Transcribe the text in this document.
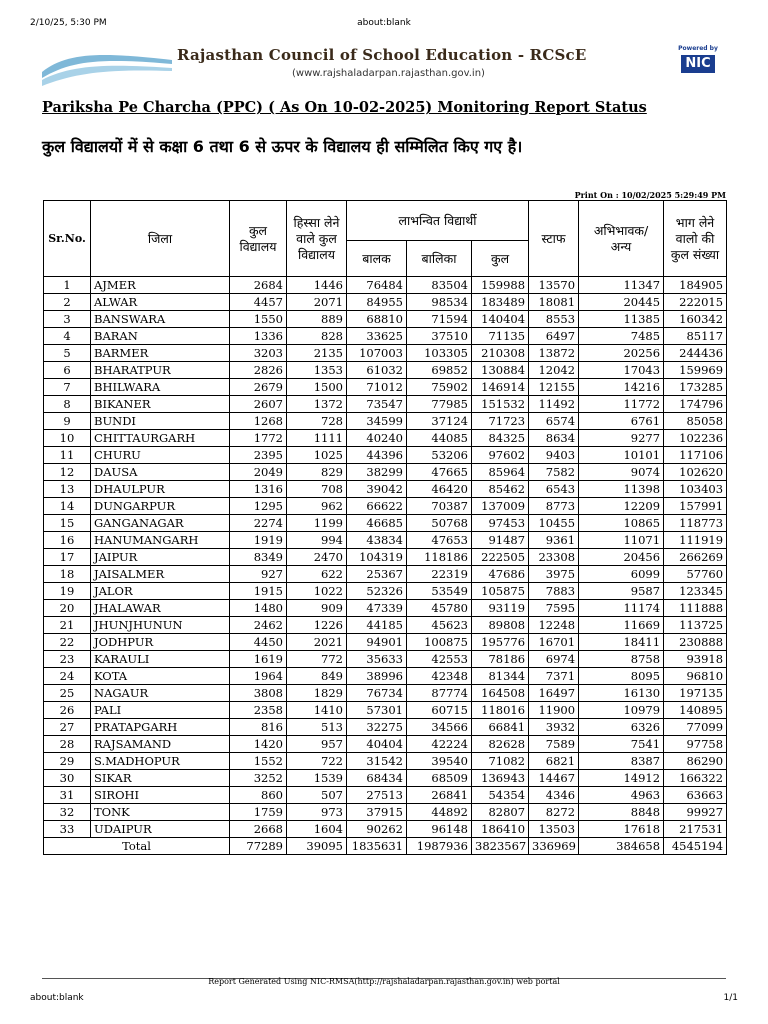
2/10/25, 5:30 PM	about:blank
Rajasthan Council of School Education - RCScE
(www.rajshaladarpan.rajasthan.gov.in)
Powered by
NIC
Pariksha Pe Charcha (PPC) ( As On 10-02-2025) Monitoring Report Status
कुल विद्यालयों में से कक्षा 6 तथा 6 से ऊपर के विद्यालय ही सम्मिलित किए गए है।
Print On : 10/02/2025 5:29:49 PM
Sr.No.	जिला	कुल विद्यालय	हिस्सा लेने वाले कुल विद्यालय	लाभन्वित विद्यार्थी			स्टाफ	अभिभावक/ अन्य	भाग लेने वालो की कुल संख्या
				बालक	बालिका	कुल			
1	AJMER	2684	1446	76484	83504	159988	13570	11347	184905
2	ALWAR	4457	2071	84955	98534	183489	18081	20445	222015
3	BANSWARA	1550	889	68810	71594	140404	8553	11385	160342
4	BARAN	1336	828	33625	37510	71135	6497	7485	85117
5	BARMER	3203	2135	107003	103305	210308	13872	20256	244436
6	BHARATPUR	2826	1353	61032	69852	130884	12042	17043	159969
7	BHILWARA	2679	1500	71012	75902	146914	12155	14216	173285
8	BIKANER	2607	1372	73547	77985	151532	11492	11772	174796
9	BUNDI	1268	728	34599	37124	71723	6574	6761	85058
10	CHITTAURGARH	1772	1111	40240	44085	84325	8634	9277	102236
11	CHURU	2395	1025	44396	53206	97602	9403	10101	117106
12	DAUSA	2049	829	38299	47665	85964	7582	9074	102620
13	DHAULPUR	1316	708	39042	46420	85462	6543	11398	103403
14	DUNGARPUR	1295	962	66622	70387	137009	8773	12209	157991
15	GANGANAGAR	2274	1199	46685	50768	97453	10455	10865	118773
16	HANUMANGARH	1919	994	43834	47653	91487	9361	11071	111919
17	JAIPUR	8349	2470	104319	118186	222505	23308	20456	266269
18	JAISALMER	927	622	25367	22319	47686	3975	6099	57760
19	JALOR	1915	1022	52326	53549	105875	7883	9587	123345
20	JHALAWAR	1480	909	47339	45780	93119	7595	11174	111888
21	JHUNJHUNUN	2462	1226	44185	45623	89808	12248	11669	113725
22	JODHPUR	4450	2021	94901	100875	195776	16701	18411	230888
23	KARAULI	1619	772	35633	42553	78186	6974	8758	93918
24	KOTA	1964	849	38996	42348	81344	7371	8095	96810
25	NAGAUR	3808	1829	76734	87774	164508	16497	16130	197135
26	PALI	2358	1410	57301	60715	118016	11900	10979	140895
27	PRATAPGARH	816	513	32275	34566	66841	3932	6326	77099
28	RAJSAMAND	1420	957	40404	42224	82628	7589	7541	97758
29	S.MADHOPUR	1552	722	31542	39540	71082	6821	8387	86290
30	SIKAR	3252	1539	68434	68509	136943	14467	14912	166322
31	SIROHI	860	507	27513	26841	54354	4346	4963	63663
32	TONK	1759	973	37915	44892	82807	8272	8848	99927
33	UDAIPUR	2668	1604	90262	96148	186410	13503	17618	217531
Total		77289	39095	1835631	1987936	3823567	336969	384658	4545194
Report Generated Using NIC-RMSA(http://rajshaladarpan.rajasthan.gov.in) web portal
about:blank	1/1
